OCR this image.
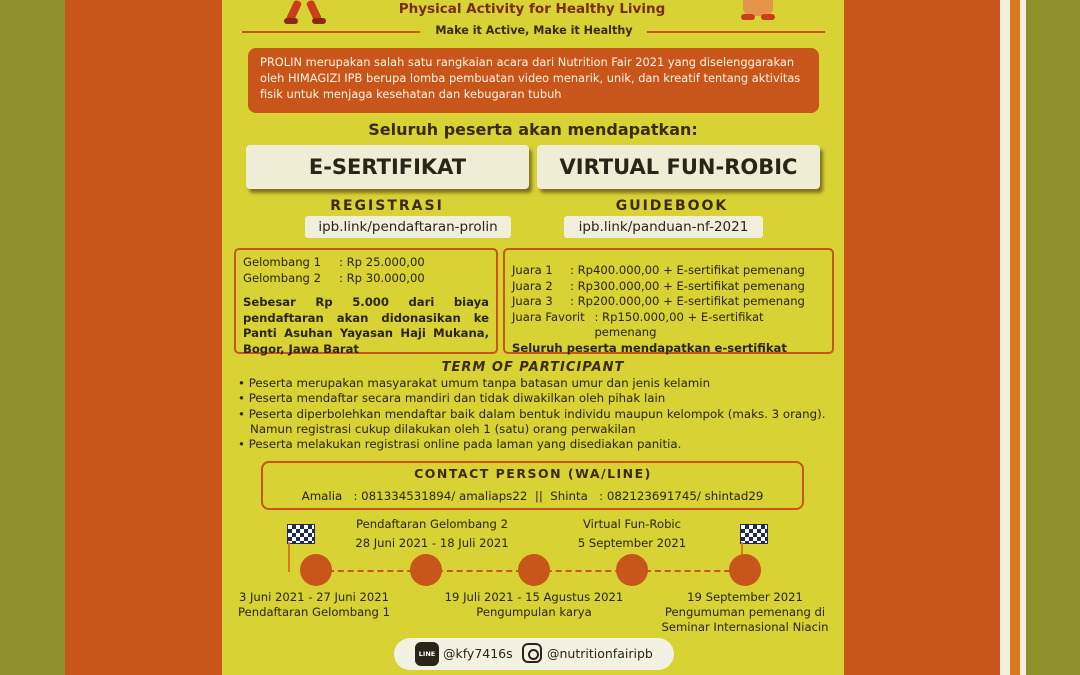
Physical Activity for Healthy Living
Make it Active, Make it Healthy
PROLIN merupakan salah satu rangkaian acara dari Nutrition Fair 2021 yang diselenggarakan oleh HIMAGIZI IPB berupa lomba pembuatan video menarik, unik, dan kreatif tentang aktivitas fisik untuk menjaga kesehatan dan kebugaran tubuh
Seluruh peserta akan mendapatkan:
E-SERTIFIKAT	VIRTUAL FUN-ROBIC
REGISTRASI	GUIDEBOOK
ipb.link/pendaftaran-prolin	ipb.link/panduan-nf-2021
Gelombang 1	: Rp 25.000,00
Gelombang 2	: Rp 30.000,00
Sebesar Rp 5.000 dari biaya pendaftaran akan didonasikan ke Panti Asuhan Yayasan Haji Mukana, Bogor, Jawa Barat
Juara 1	: Rp400.000,00 + E-sertifikat pemenang
Juara 2	: Rp300.000,00 + E-sertifikat pemenang
Juara 3	: Rp200.000,00 + E-sertifikat pemenang
Juara Favorit : Rp150.000,00 + E-sertifikat pemenang
Seluruh peserta mendapatkan e-sertifikat
TERM OF PARTICIPANT
• Peserta merupakan masyarakat umum tanpa batasan umur dan jenis kelamin
• Peserta mendaftar secara mandiri dan tidak diwakilkan oleh pihak lain
• Peserta diperbolehkan mendaftar baik dalam bentuk individu maupun kelompok (maks. 3 orang).
Namun registrasi cukup dilakukan oleh 1 (satu) orang perwakilan
• Peserta melakukan registrasi online pada laman yang disediakan panitia.
CONTACT PERSON (WA/LINE)
Amalia   : 081334531894/ amaliaps22  ||  Shinta   : 082123691745/ shintad29
Pendaftaran Gelombang 2
28 Juni 2021 - 18 Juli 2021
Virtual Fun-Robic
5 September 2021
3 Juni 2021 - 27 Juni 2021
Pendaftaran Gelombang 1
19 Juli 2021 - 15 Agustus 2021
Pengumpulan karya
19 September 2021
Pengumuman pemenang di
Seminar Internasional Niacin
LINE @kfy7416s	@nutritionfairipb
